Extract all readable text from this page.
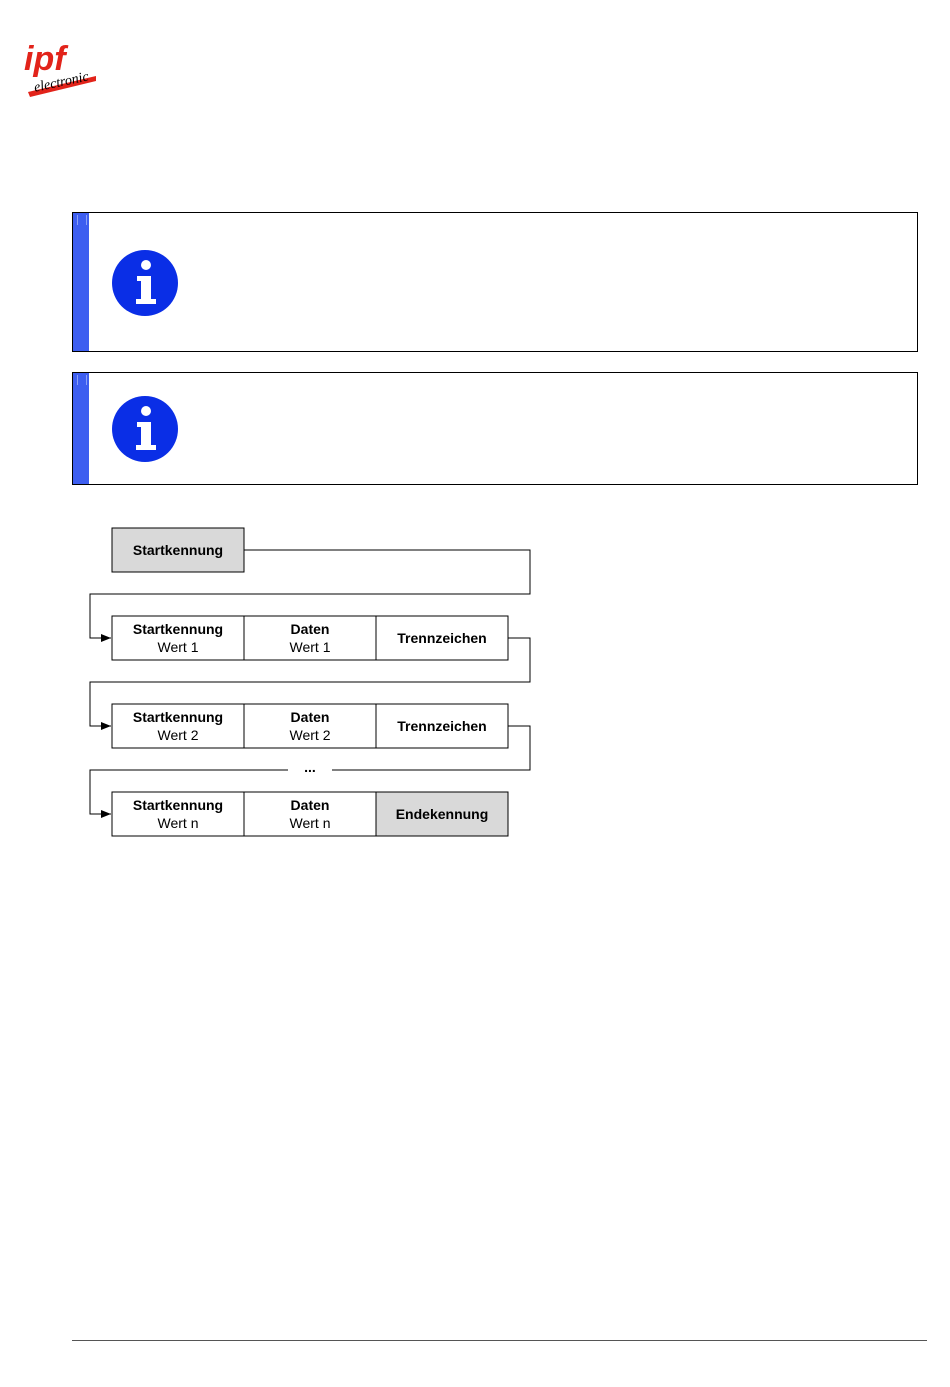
ipf
electronic
Startkennung
...
Startkennung
Wert 1
Daten
Wert 1
Trennzeichen
Startkennung
Wert 2
Daten
Wert 2
Trennzeichen
Startkennung
Wert n
Daten
Wert n
Endekennung
